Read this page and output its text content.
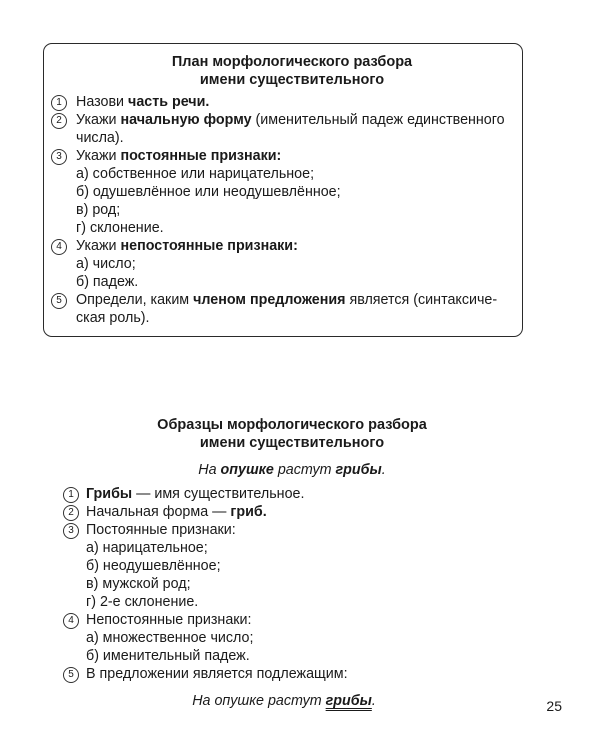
План морфологического разбора
имени существительного
1 Назови часть речи.
2 Укажи начальную форму (именительный падеж единственного
числа).
3 Укажи постоянные признаки:
а) собственное или нарицательное;
б) одушевлённое или неодушевлённое;
в) род;
г) склонение.
4 Укажи непостоянные признаки:
а) число;
б) падеж.
5 Определи, каким членом предложения является (синтаксиче-
ская роль).
Образцы морфологического разбора
имени существительного
На опушке растут грибы.
1 Грибы — имя существительное.
2 Начальная форма — гриб.
3 Постоянные признаки:
а) нарицательное;
б) неодушевлённое;
в) мужской род;
г) 2-е склонение.
4 Непостоянные признаки:
а) множественное число;
б) именительный падеж.
5 В предложении является подлежащим:
На опушке растут грибы.	25
